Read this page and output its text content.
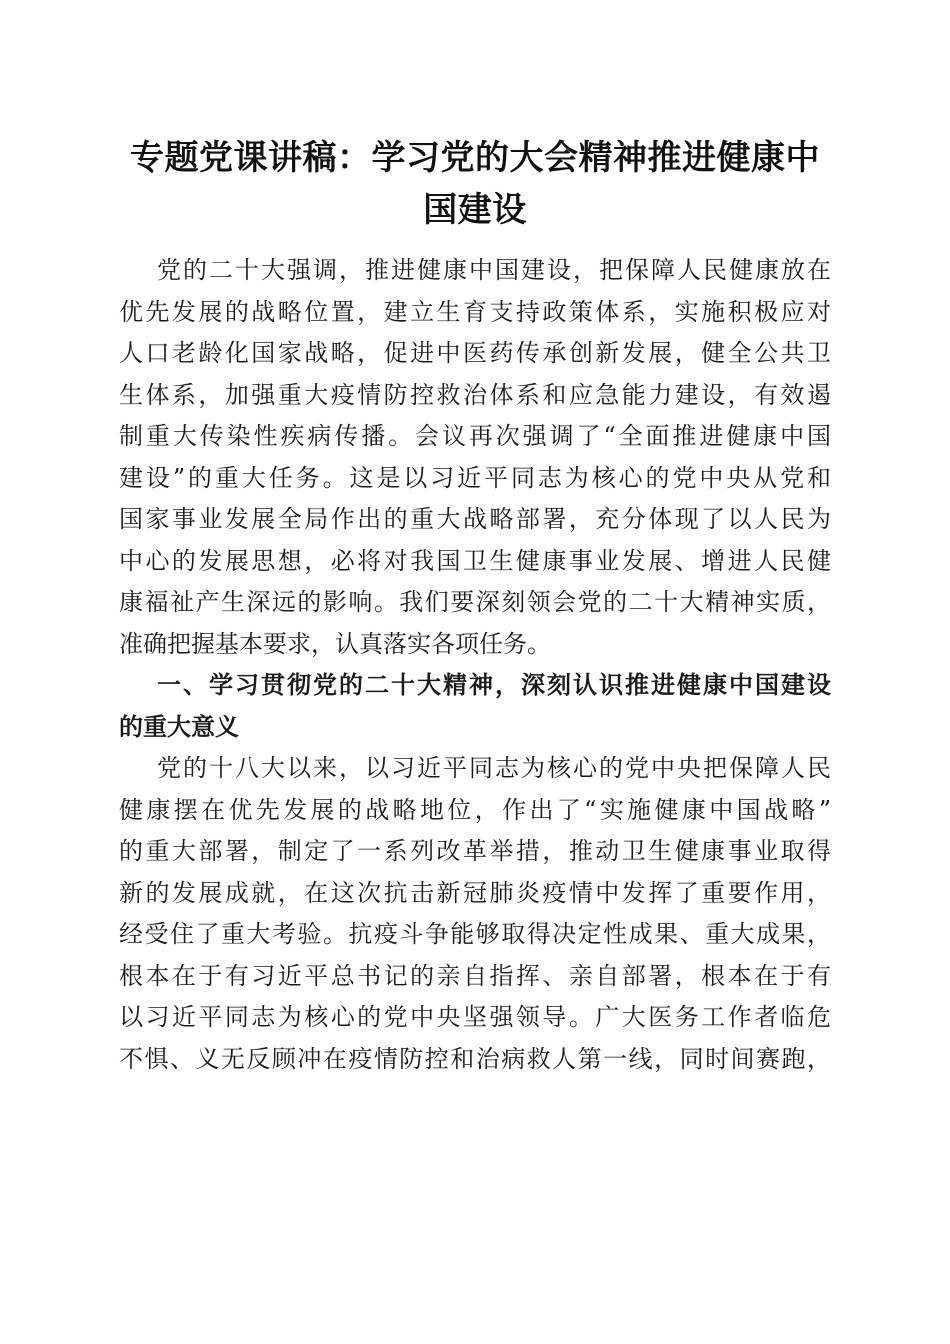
专题党课讲稿：学习党的大会精神推进健康中
国建设
党的二十大强调，推进健康中国建设，把保障人民健康放在
优先发展的战略位置，建立生育支持政策体系，实施积极应对
人口老龄化国家战略，促进中医药传承创新发展，健全公共卫
生体系，加强重大疫情防控救治体系和应急能力建设，有效遏
制重大传染性疾病传播。会议再次强调了“全面推进健康中国
建设”的重大任务。这是以习近平同志为核心的党中央从党和
国家事业发展全局作出的重大战略部署，充分体现了以人民为
中心的发展思想，必将对我国卫生健康事业发展、增进人民健
康福祉产生深远的影响。我们要深刻领会党的二十大精神实质，
准确把握基本要求，认真落实各项任务。
一、学习贯彻党的二十大精神，深刻认识推进健康中国建设
的重大意义
党的十八大以来，以习近平同志为核心的党中央把保障人民
健康摆在优先发展的战略地位，作出了“实施健康中国战略”
的重大部署，制定了一系列改革举措，推动卫生健康事业取得
新的发展成就，在这次抗击新冠肺炎疫情中发挥了重要作用，
经受住了重大考验。抗疫斗争能够取得决定性成果、重大成果，
根本在于有习近平总书记的亲自指挥、亲自部署，根本在于有
以习近平同志为核心的党中央坚强领导。广大医务工作者临危
不惧、义无反顾冲在疫情防控和治病救人第一线，同时间赛跑，
